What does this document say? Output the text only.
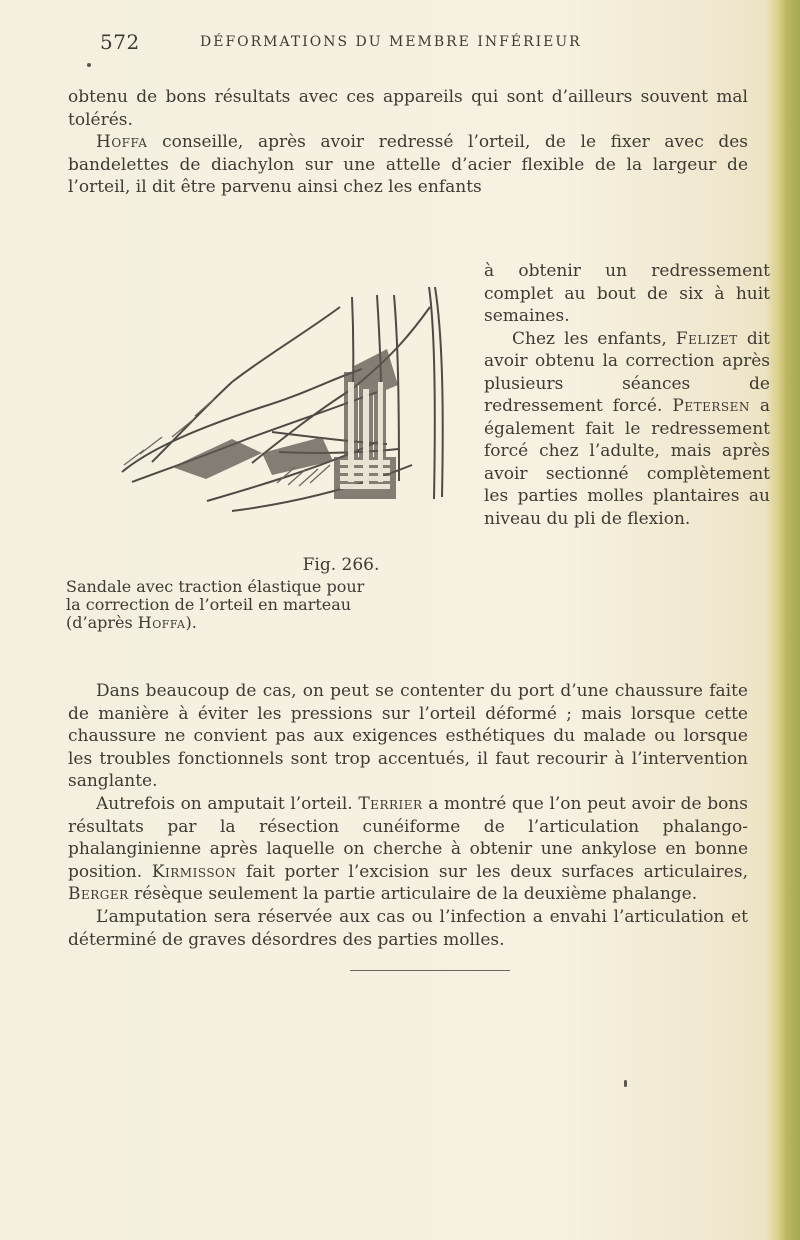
572	DÉFORMATIONS DU MEMBRE INFÉRIEUR

obtenu de bons résultats avec ces appareils qui sont d’ailleurs souvent mal tolérés.

Hoffa conseille, après avoir redressé l’orteil, de le fixer avec des bandelettes de diachylon sur une attelle d’acier flexible de la largeur de l’orteil, il dit être parvenu ainsi chez les enfants

Fig. 266.
Sandale avec traction élastique pour
la correction de l’orteil en marteau
(d’après Hoffa).

à obtenir un redressement complet au bout de six à huit semaines.

Chez les enfants, Felizet dit avoir obtenu la correction après plusieurs séances de redressement forcé. Petersen a également fait le redressement forcé chez l’adulte, mais après avoir sectionné complètement les parties molles plantaires au niveau du pli de flexion.

Dans beaucoup de cas, on peut se contenter du port d’une chaussure faite de manière à éviter les pressions sur l’orteil déformé ; mais lorsque cette chaussure ne convient pas aux exigences esthétiques du malade ou lorsque les troubles fonctionnels sont trop accentués, il faut recourir à l’intervention sanglante.

Autrefois on amputait l’orteil. Terrier a montré que l’on peut avoir de bons résultats par la résection cunéiforme de l’articulation phalango-phalanginienne après laquelle on cherche à obtenir une ankylose en bonne position. Kirmisson fait porter l’excision sur les deux surfaces articulaires, Berger résèque seulement la partie articulaire de la deuxième phalange.

L’amputation sera réservée aux cas ou l’infection a envahi l’articulation et déterminé de graves désordres des parties molles.
